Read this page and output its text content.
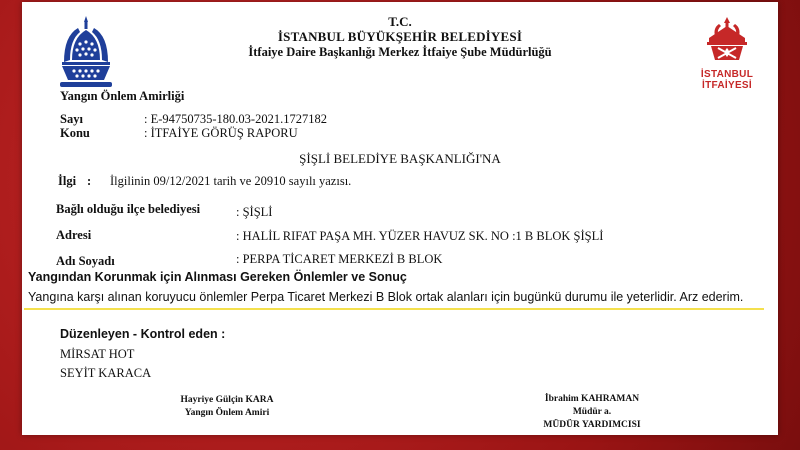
İSTANBUL
İTFAİYESİ
T.C.
İSTANBUL BÜYÜKŞEHİR BELEDİYESİ
İtfaiye Daire Başkanlığı Merkez İtfaiye Şube Müdürlüğü
Yangın Önlem Amirliği
Sayı	: E-94750735-180.03-2021.1727182
Konu	: İTFAİYE GÖRÜŞ RAPORU
ŞİŞLİ BELEDİYE BAŞKANLIĞI'NA
İlgi : İlgilinin 09/12/2021 tarih ve 20910 sayılı yazısı.
Bağlı olduğu ilçe belediyesi	: ŞİŞLİ
Adresi	: HALİL RIFAT PAŞA MH. YÜZER HAVUZ SK. NO :1 B BLOK ŞİŞLİ
Adı Soyadı	: PERPA TİCARET MERKEZİ B BLOK
Yangından Korunmak için Alınması Gereken Önlemler ve Sonuç
Yangına karşı alınan koruyucu önlemler Perpa Ticaret Merkezi B Blok ortak alanları için bugünkü durumu ile yeterlidir. Arz ederim.
Düzenleyen - Kontrol eden :
MİRSAT HOT
SEYİT KARACA
Hayriye Gülçin KARA
Yangın Önlem Amiri
İbrahim KAHRAMAN
Müdür a.
MÜDÜR YARDIMCISI
